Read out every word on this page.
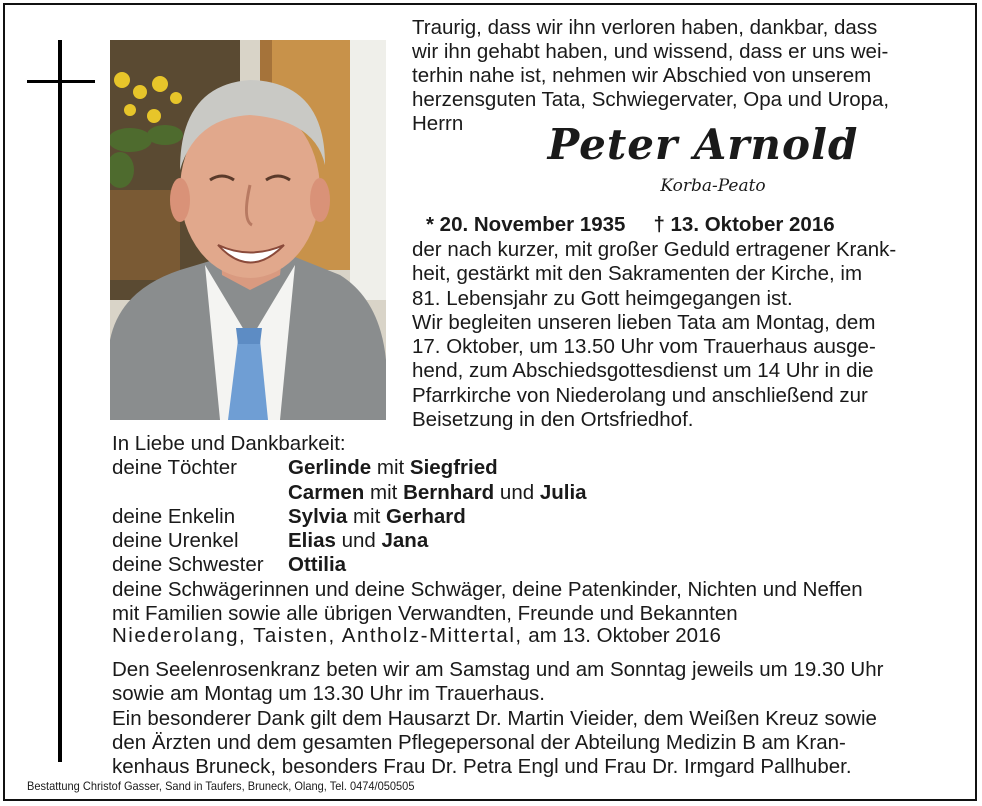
Traurig, dass wir ihn verloren haben, dankbar, dass
wir ihn gehabt haben, und wissend, dass er uns wei-
terhin nahe ist, nehmen wir Abschied von unserem
herzensguten Tata, Schwiegervater, Opa und Uropa,
Herrn	Peter Arnold
Korba-Peato
* 20. November 1935 † 13. Oktober 2016
der nach kurzer, mit großer Geduld ertragener Krank-
heit, gestärkt mit den Sakramenten der Kirche, im
81. Lebensjahr zu Gott heimgegangen ist.
Wir begleiten unseren lieben Tata am Montag, dem
17. Oktober, um 13.50 Uhr vom Trauerhaus ausge-
hend, zum Abschiedsgottesdienst um 14 Uhr in die
Pfarrkirche von Niederolang und anschließend zur
Beisetzung in den Ortsfriedhof.
In Liebe und Dankbarkeit:
deine Töchter	Gerlinde mit Siegfried
Carmen mit Bernhard und Julia
deine Enkelin	Sylvia mit Gerhard
deine Urenkel	Elias und Jana
deine Schwester	Ottilia
deine Schwägerinnen und deine Schwäger, deine Patenkinder, Nichten und Neffen
mit Familien sowie alle übrigen Verwandten, Freunde und Bekannten
Niederolang, Taisten, Antholz-Mittertal, am 13. Oktober 2016
Den Seelenrosenkranz beten wir am Samstag und am Sonntag jeweils um 19.30 Uhr
sowie am Montag um 13.30 Uhr im Trauerhaus.
Ein besonderer Dank gilt dem Hausarzt Dr. Martin Vieider, dem Weißen Kreuz sowie
den Ärzten und dem gesamten Pflegepersonal der Abteilung Medizin B am Kran-
kenhaus Bruneck, besonders Frau Dr. Petra Engl und Frau Dr. Irmgard Pallhuber.
Bestattung Christof Gasser, Sand in Taufers, Bruneck, Olang, Tel. 0474/050505
